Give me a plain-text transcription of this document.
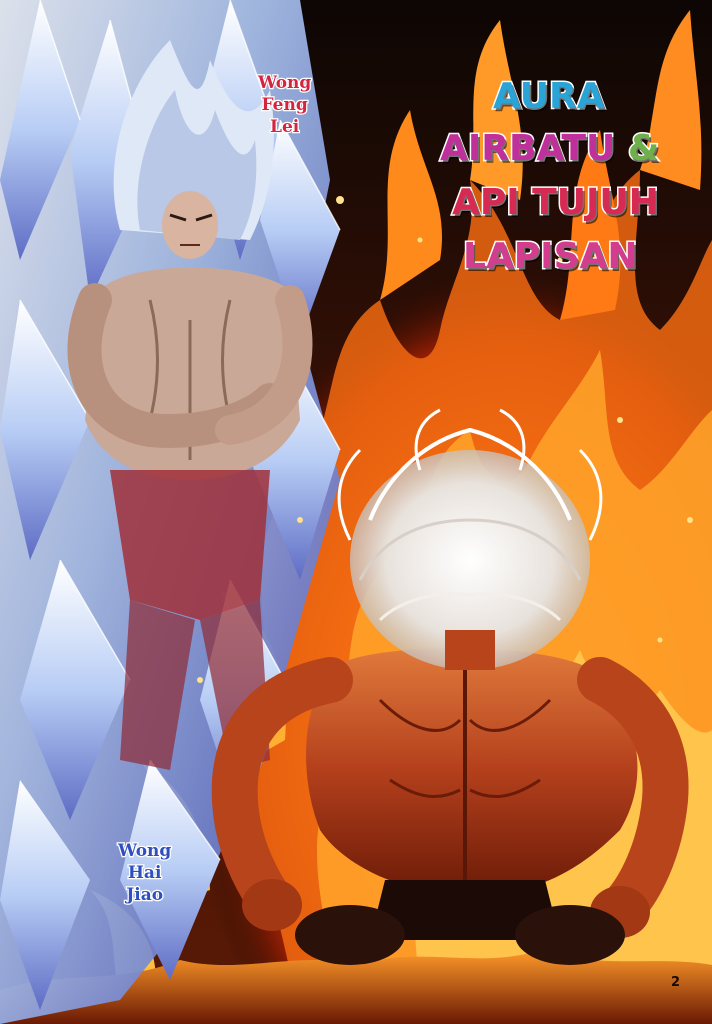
AURA
AIRBATU &
API TUJUH
LAPISAN
Wong
Feng
Lei
Wong
Hai
Jiao
2
